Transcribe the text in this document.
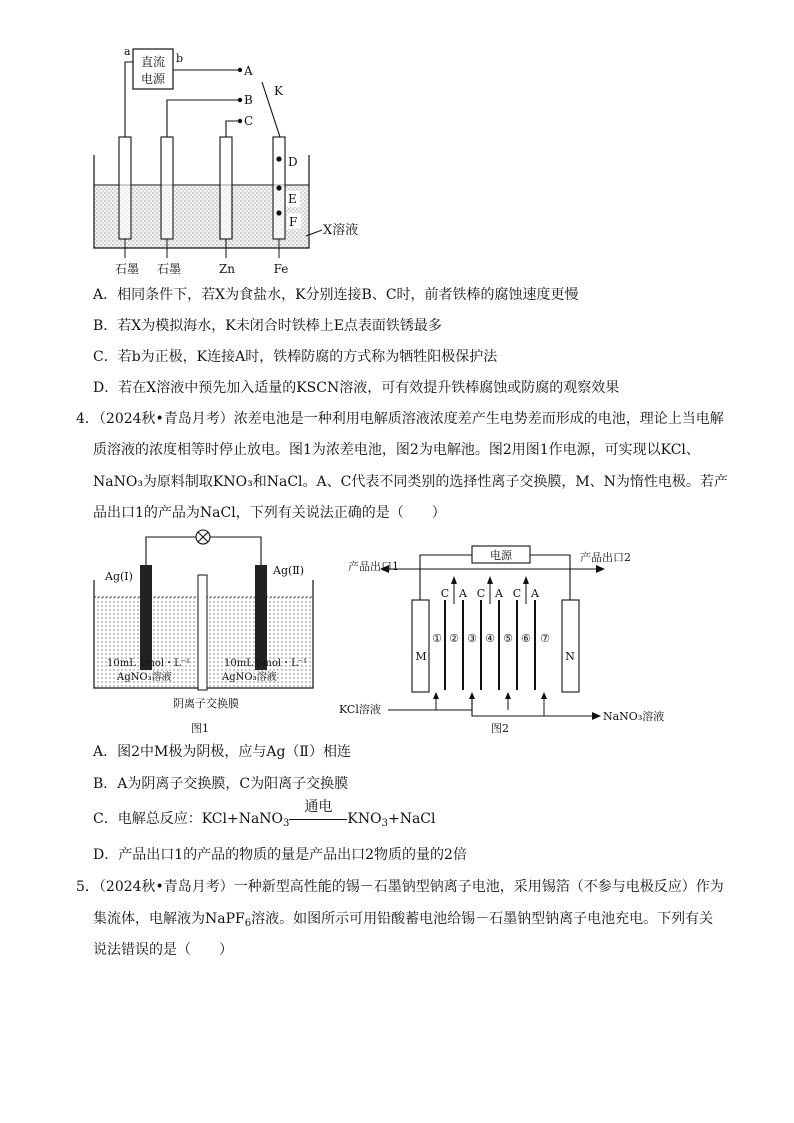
直流
电源
a
b
A
B
C
K
D
E
F
X溶液
石墨 石墨	Zn	Fe
A．相同条件下，若X为食盐水，K分别连接B、C时，前者铁棒的腐蚀速度更慢
B．若X为模拟海水，K未闭合时铁棒上E点表面铁锈最多
C．若b为正极，K连接A时，铁棒防腐的方式称为牺牲阳极保护法
D．若在X溶液中预先加入适量的KSCN溶液，可有效提升铁棒腐蚀或防腐的观察效果
4．（2024秋•青岛月考）浓差电池是一种利用电解质溶液浓度差产生电势差而形成的电池，理论上当电解
质溶液的浓度相等时停止放电。图1为浓差电池，图2为电解池。图2用图1作电源，可实现以KCl、
NaNO₃为原料制取KNO₃和NaCl。A、C代表不同类别的选择性离子交换膜，M、N为惰性电极。若产
品出口1的产品为NaCl，下列有关说法正确的是（　　）
Ag(I)	Ag(Ⅱ)
10mL 1mol・L⁻¹
AgNO₃溶液
10mL 5mol・L⁻¹
AgNO₃溶液
阴离子交换膜
图1
电源
产品出口1
产品出口2
M	N
C A C A C A
① ② ③ ④ ⑤ ⑥ ⑦
KCl溶液
NaNO₃溶液
图2
A．图2中M极为阴极，应与Ag（Ⅱ）相连
B．A为阴离子交换膜，C为阳离子交换膜
C．电解总反应：KCl+NaNO$_3$
通电
$KNO_3+NaCl$
D．产品出口1的产品的物质的量是产品出口2物质的量的2倍
5．（2024秋•青岛月考）一种新型高性能的锡－石墨钠型钠离子电池，采用锡箔（不参与电极反应）作为
集流体，电解液为NaPF$_6$溶液。如图所示可用铅酸蓄电池给锡－石墨钠型钠离子电池充电。下列有关
说法错误的是（　　）
